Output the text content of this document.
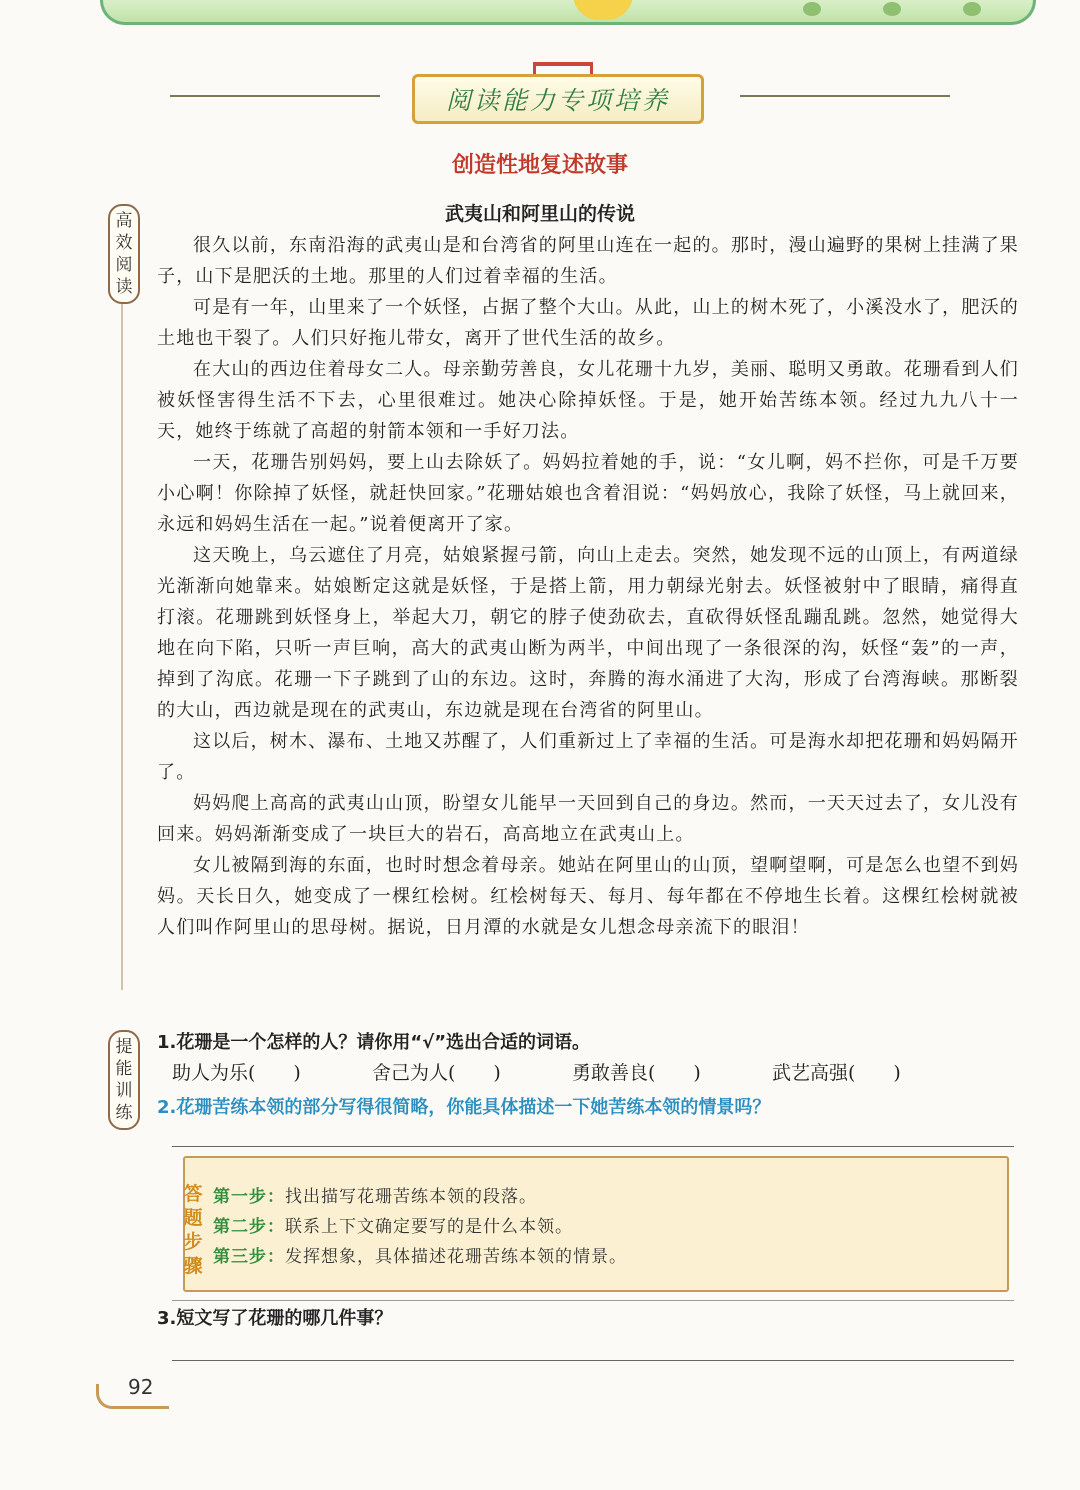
阅读能力专项培养
创造性地复述故事
武夷山和阿里山的传说
高
效
阅
读

很久以前，东南沿海的武夷山是和台湾省的阿里山连在一起的。那时，漫山遍野的果树上挂满了果子，山下是肥沃的土地。那里的人们过着幸福的生活。

可是有一年，山里来了一个妖怪，占据了整个大山。从此，山上的树木死了，小溪没水了，肥沃的土地也干裂了。人们只好拖儿带女，离开了世代生活的故乡。

在大山的西边住着母女二人。母亲勤劳善良，女儿花珊十九岁，美丽、聪明又勇敢。花珊看到人们被妖怪害得生活不下去，心里很难过。她决心除掉妖怪。于是，她开始苦练本领。经过九九八十一天，她终于练就了高超的射箭本领和一手好刀法。

一天，花珊告别妈妈，要上山去除妖了。妈妈拉着她的手，说：“女儿啊，妈不拦你，可是千万要小心啊！你除掉了妖怪，就赶快回家。”花珊姑娘也含着泪说：“妈妈放心，我除了妖怪，马上就回来，永远和妈妈生活在一起。”说着便离开了家。

这天晚上，乌云遮住了月亮，姑娘紧握弓箭，向山上走去。突然，她发现不远的山顶上，有两道绿光渐渐向她靠来。姑娘断定这就是妖怪，于是搭上箭，用力朝绿光射去。妖怪被射中了眼睛，痛得直打滚。花珊跳到妖怪身上，举起大刀，朝它的脖子使劲砍去，直砍得妖怪乱蹦乱跳。忽然，她觉得大地在向下陷，只听一声巨响，高大的武夷山断为两半，中间出现了一条很深的沟，妖怪“轰”的一声，掉到了沟底。花珊一下子跳到了山的东边。这时，奔腾的海水涌进了大沟，形成了台湾海峡。那断裂的大山，西边就是现在的武夷山，东边就是现在台湾省的阿里山。

这以后，树木、瀑布、土地又苏醒了，人们重新过上了幸福的生活。可是海水却把花珊和妈妈隔开了。

妈妈爬上高高的武夷山山顶，盼望女儿能早一天回到自己的身边。然而，一天天过去了，女儿没有回来。妈妈渐渐变成了一块巨大的岩石，高高地立在武夷山上。

女儿被隔到海的东面，也时时想念着母亲。她站在阿里山的山顶，望啊望啊，可是怎么也望不到妈妈。天长日久，她变成了一棵红桧树。红桧树每天、每月、每年都在不停地生长着。这棵红桧树就被人们叫作阿里山的思母树。据说，日月潭的水就是女儿想念母亲流下的眼泪！

提
能
训
练
1.花珊是一个怎样的人？请你用“√”选出合适的词语。
助人为乐(　　)	舍己为人(　　)	勇敢善良(　　)	武艺高强(　　)
2.花珊苦练本领的部分写得很简略，你能具体描述一下她苦练本领的情景吗？
答
题
步
骤
第一步：找出描写花珊苦练本领的段落。
第二步：联系上下文确定要写的是什么本领。
第三步：发挥想象，具体描述花珊苦练本领的情景。
3.短文写了花珊的哪几件事？
92
